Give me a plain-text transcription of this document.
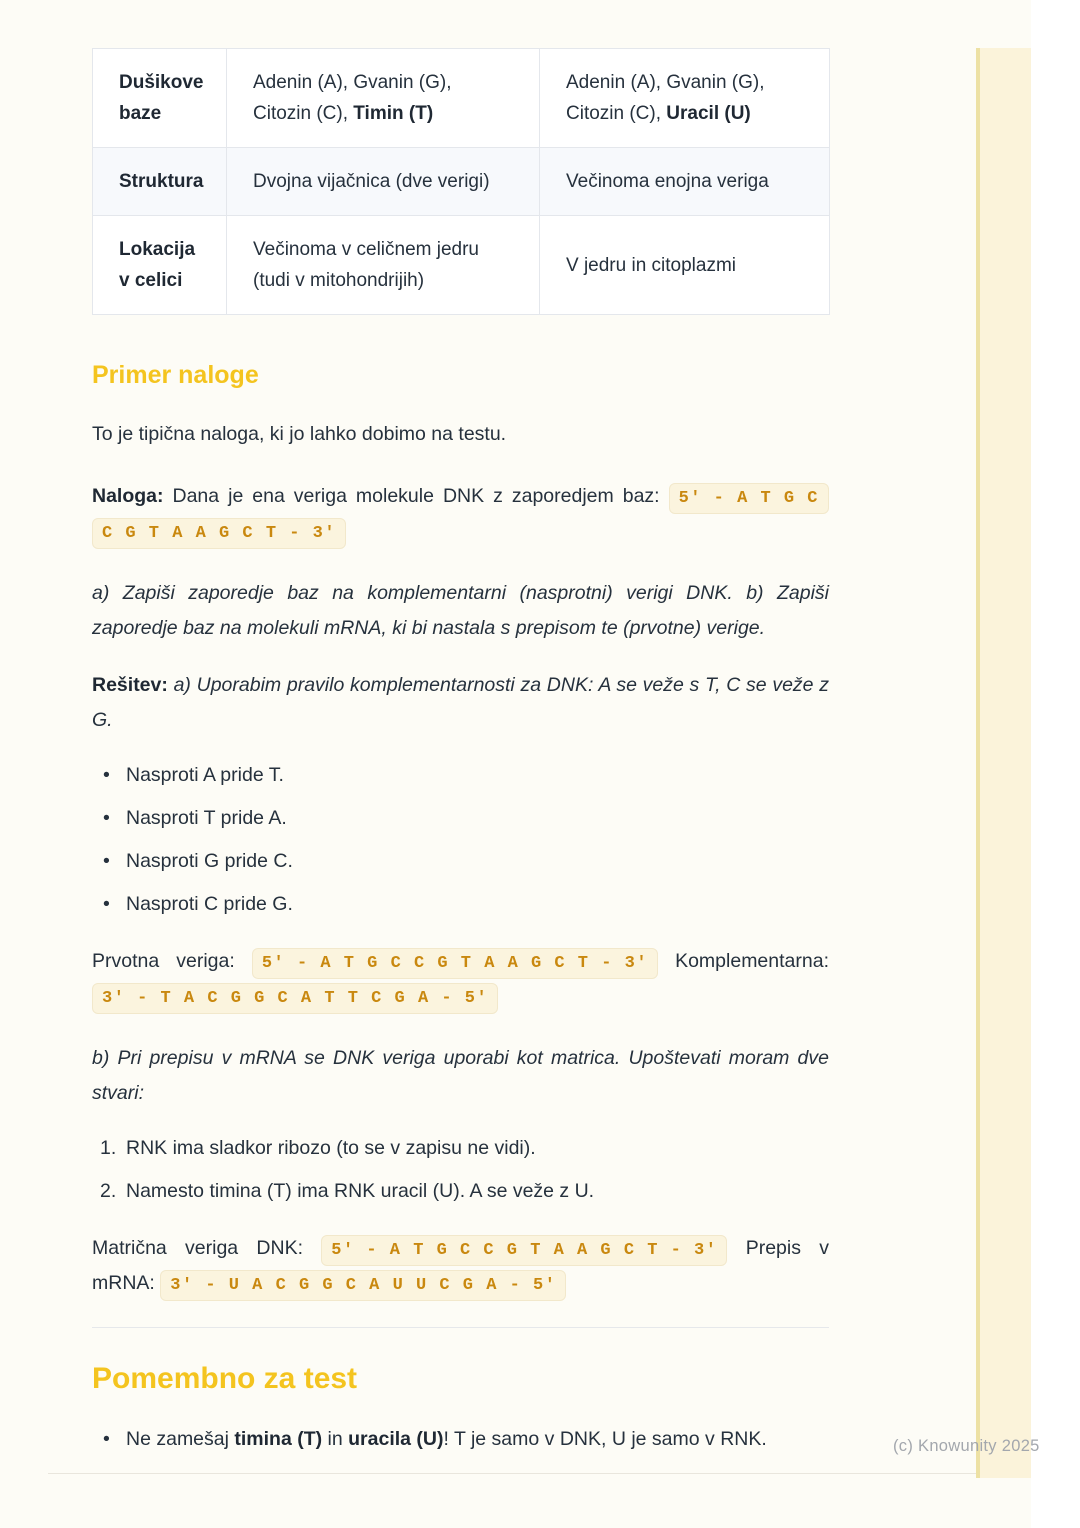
(c) Knowunity 2025
Dušikove baze	Adenin (A), Gvanin (G), Citozin (C), Timin (T)	Adenin (A), Gvanin (G), Citozin (C), Uracil (U)
Struktura	Dvojna vijačnica (dve verigi)	Večinoma enojna veriga
Lokacija v celici	Večinoma v celičnem jedru (tudi v mitohondrijih)	V jedru in citoplazmi
Primer naloge

To je tipična naloga, ki jo lahko dobimo na testu.

Naloga: Dana je ena veriga molekule DNK z zaporedjem baz: 5' - A T G C C G T A A G C T - 3'

a) Zapiši zaporedje baz na komplementarni (nasprotni) verigi DNK. b) Zapiši zaporedje baz na molekuli mRNA, ki bi nastala s prepisom te (prvotne) verige.

Rešitev: a) Uporabim pravilo komplementarnosti za DNK: A se veže s T, C se veže z G.

• Nasproti A pride T.
• Nasproti T pride A.
• Nasproti G pride C.
• Nasproti C pride G.

Prvotna veriga: 5' - A T G C C G T A A G C T - 3' Komplementarna: 3' - T A C G G C A T T C G A - 5'

b) Pri prepisu v mRNA se DNK veriga uporabi kot matrica. Upoštevati moram dve stvari:

RNK ima sladkor ribozo (to se v zapisu ne vidi).
Namesto timina (T) ima RNK uracil (U). A se veže z U.

Matrična veriga DNK: 5' - A T G C C G T A A G C T - 3' Prepis v mRNA: 3' - U A C G G C A U U C G A - 5'

Pomembno za test
• Ne zamešaj timina (T) in uracila (U)! T je samo v DNK, U je samo v RNK.
